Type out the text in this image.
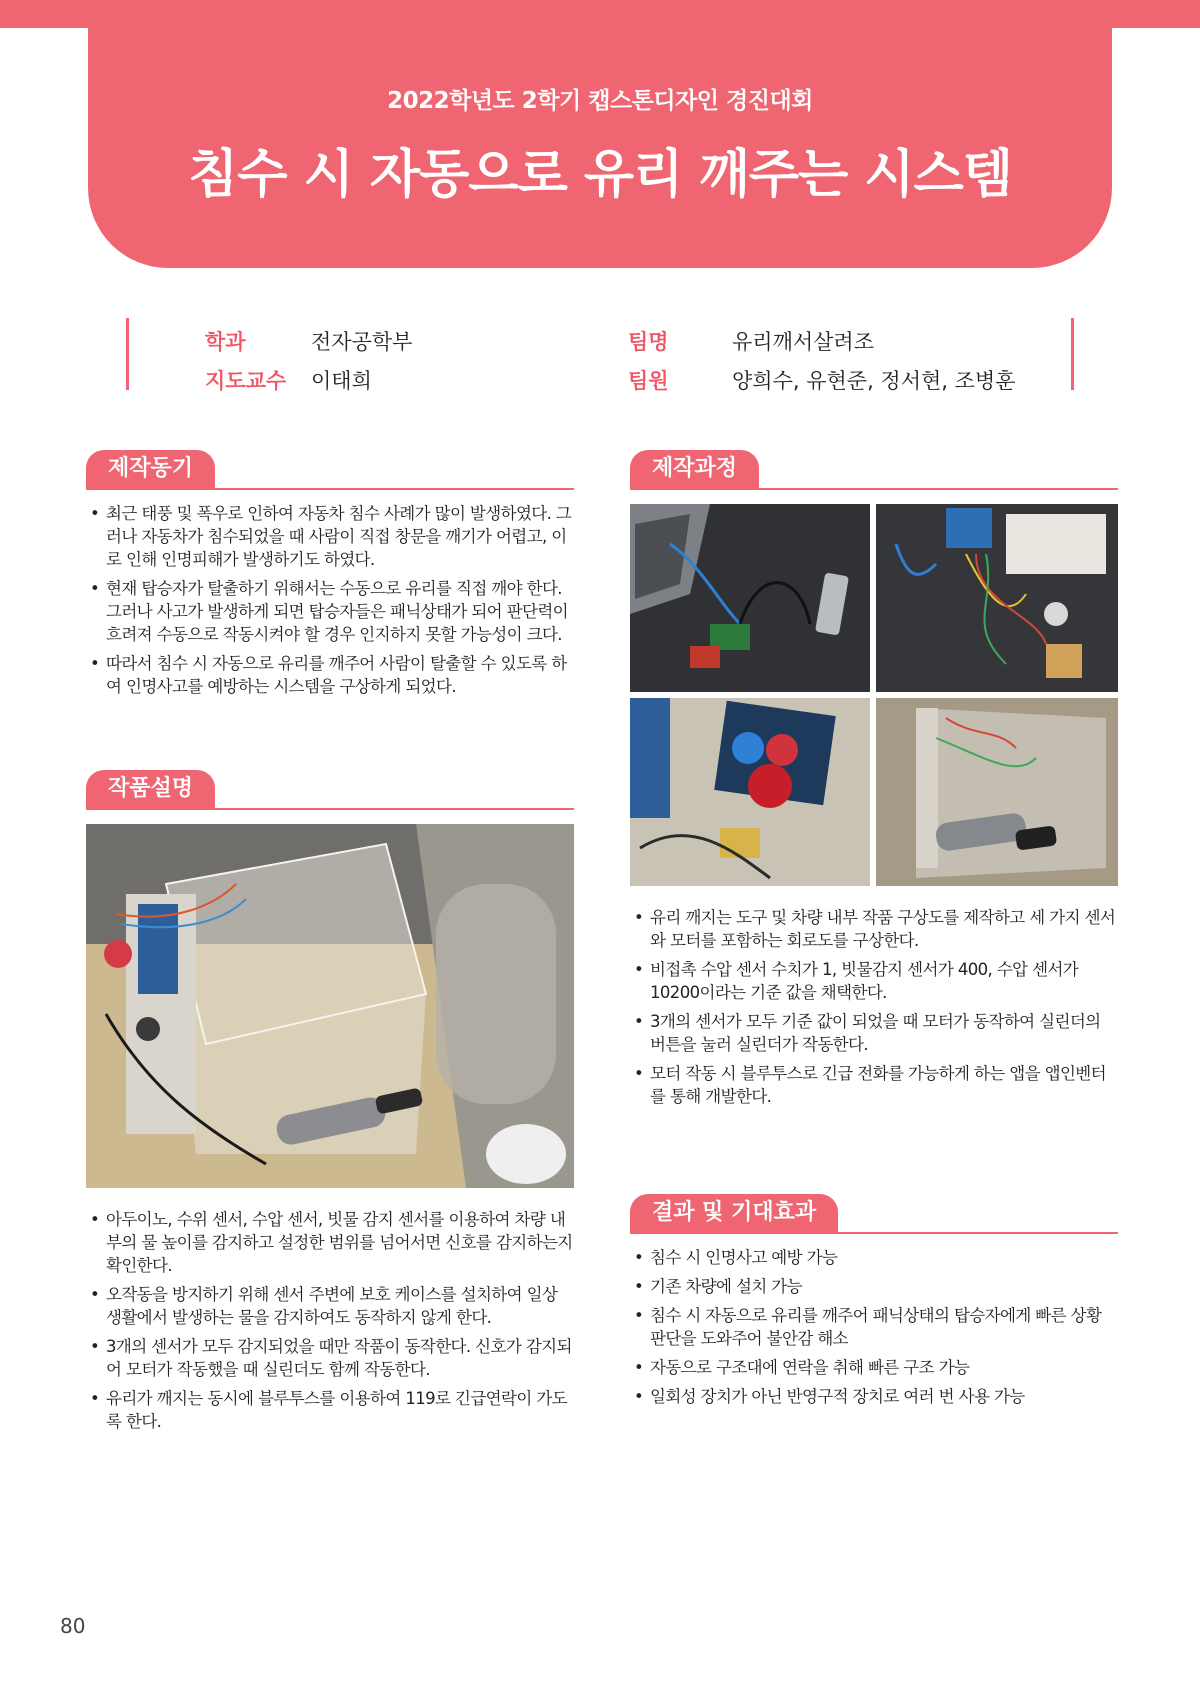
2022학년도 2학기 캡스톤디자인 경진대회
침수 시 자동으로 유리 깨주는 시스템
학과	전자공학부
지도교수	이태희
팀명	유리깨서살려조
팀원	양희수, 유현준, 정서현, 조병훈
제작동기
• 최근 태풍 및 폭우로 인하여 자동차 침수 사례가 많이 발생하였다. 그러나 자동차가 침수되었을 때 사람이 직접 창문을 깨기가 어렵고, 이로 인해 인명피해가 발생하기도 하였다.
• 현재 탑승자가 탈출하기 위해서는 수동으로 유리를 직접 깨야 한다. 그러나 사고가 발생하게 되면 탑승자들은 패닉상태가 되어 판단력이 흐려져 수동으로 작동시켜야 할 경우 인지하지 못할 가능성이 크다.
• 따라서 침수 시 자동으로 유리를 깨주어 사람이 탈출할 수 있도록 하여 인명사고를 예방하는 시스템을 구상하게 되었다.
작품설명
• 아두이노, 수위 센서, 수압 센서, 빗물 감지 센서를 이용하여 차량 내부의 물 높이를 감지하고 설정한 범위를 넘어서면 신호를 감지하는지 확인한다.
• 오작동을 방지하기 위해 센서 주변에 보호 케이스를 설치하여 일상 생활에서 발생하는 물을 감지하여도 동작하지 않게 한다.
• 3개의 센서가 모두 감지되었을 때만 작품이 동작한다. 신호가 감지되어 모터가 작동했을 때 실린더도 함께 작동한다.
• 유리가 깨지는 동시에 블루투스를 이용하여 119로 긴급연락이 가도록 한다.
제작과정
• 유리 깨지는 도구 및 차량 내부 작품 구상도를 제작하고 세 가지 센서와 모터를 포함하는 회로도를 구상한다.
• 비접촉 수압 센서 수치가 1, 빗물감지 센서가 400, 수압 센서가 10200이라는 기준 값을 채택한다.
• 3개의 센서가 모두 기준 값이 되었을 때 모터가 동작하여 실린더의 버튼을 눌러 실린더가 작동한다.
• 모터 작동 시 블루투스로 긴급 전화를 가능하게 하는 앱을 앱인벤터를 통해 개발한다.
결과 및 기대효과
• 침수 시 인명사고 예방 가능
• 기존 차량에 설치 가능
• 침수 시 자동으로 유리를 깨주어 패닉상태의 탑승자에게 빠른 상황 판단을 도와주어 불안감 해소
• 자동으로 구조대에 연락을 취해 빠른 구조 가능
• 일회성 장치가 아닌 반영구적 장치로 여러 번 사용 가능
80
